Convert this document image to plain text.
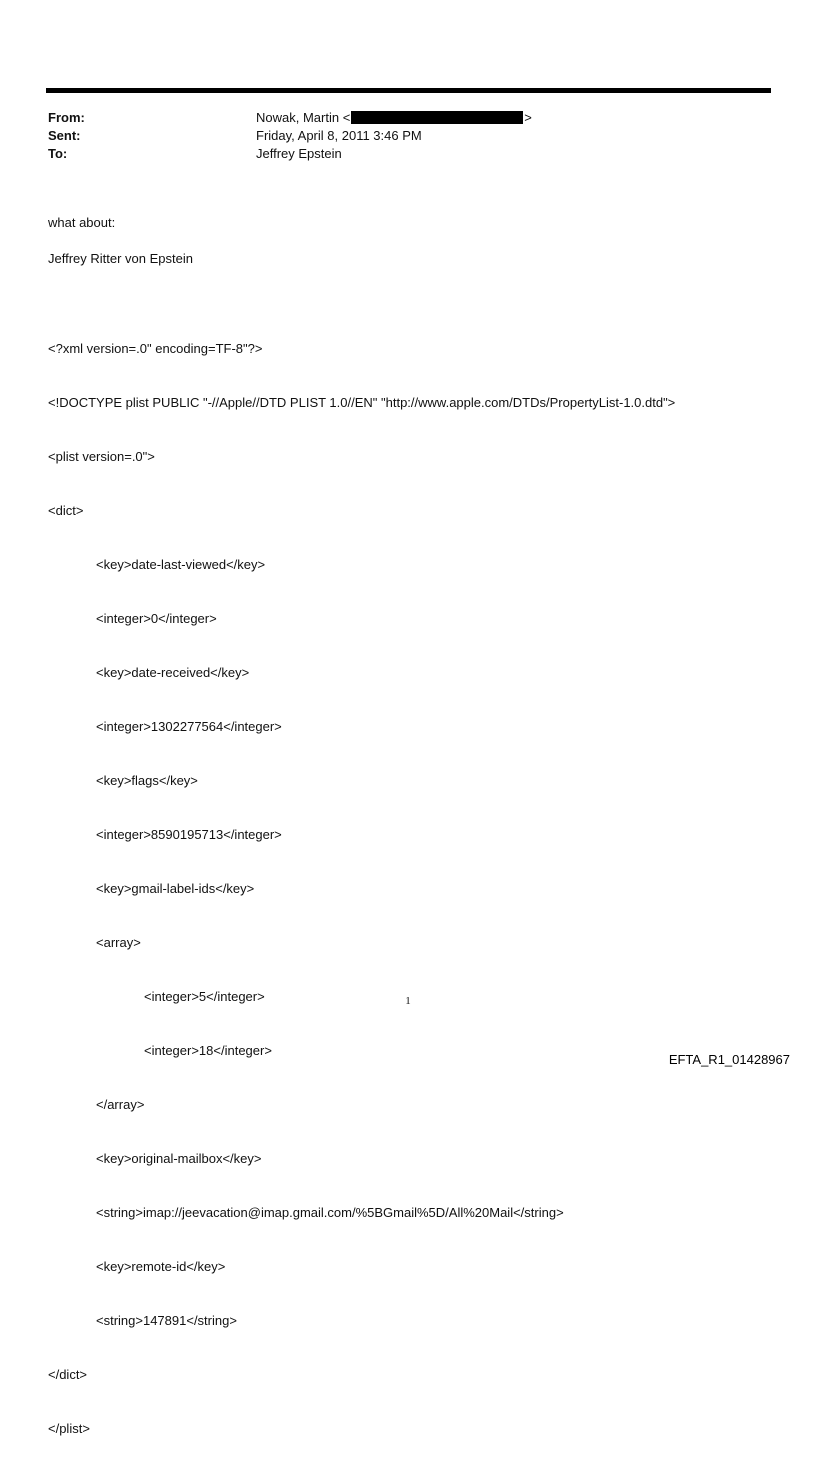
From:	Nowak, Martin <	>
Sent:	Friday, April 8, 2011 3:46 PM
To:	Jeffrey Epstein

what about:

Jeffrey Ritter von Epstein

<?xml version=.0" encoding=TF-8"?>

<!DOCTYPE plist PUBLIC "-//Apple//DTD PLIST 1.0//EN" "http://www.apple.com/DTDs/PropertyList-1.0.dtd">

<plist version=.0">

<dict>

<key>date-last-viewed</key>

<integer>0</integer>

<key>date-received</key>

<integer>1302277564</integer>

<key>flags</key>

<integer>8590195713</integer>

<key>gmail-label-ids</key>

<array>

<integer>5</integer>

<integer>18</integer>

</array>

<key>original-mailbox</key>

<string>imap://jeevacation@imap.gmail.com/%5BGmail%5D/All%20Mail</string>

<key>remote-id</key>

<string>147891</string>

</dict>

</plist>

1
EFTA_R1_01428967
